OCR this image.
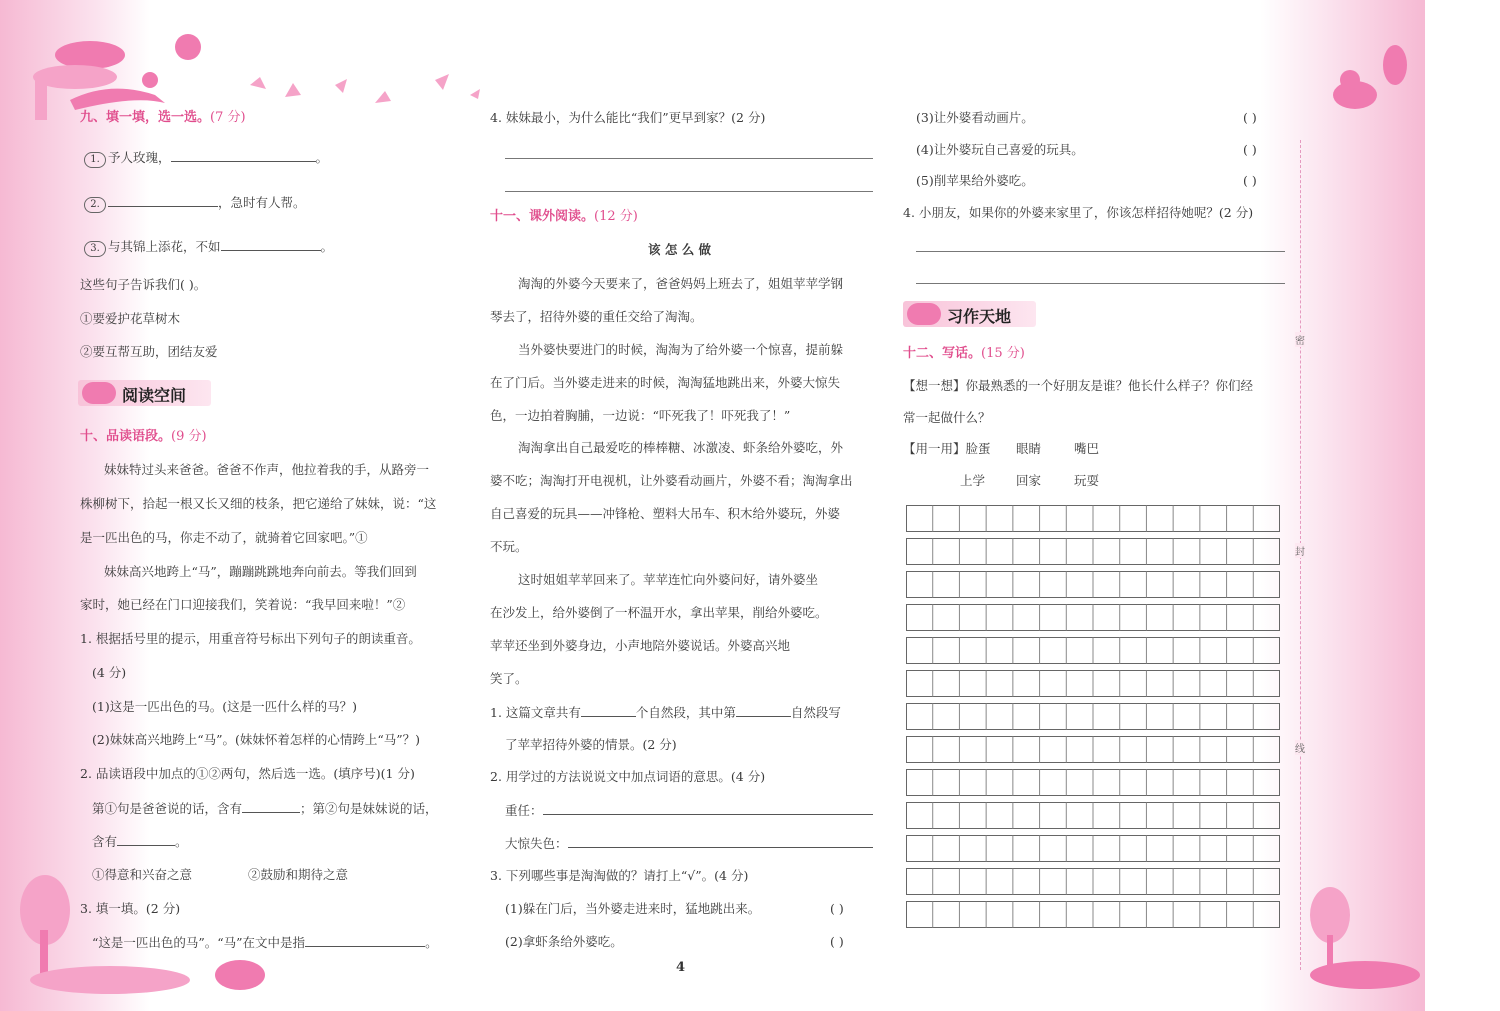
九、填一填，选一选。(7 分)
1. 予人玫瑰，	。
2.	，急时有人帮。
3. 与其锦上添花，不如	。
这些句子告诉我们( )。
①要爱护花草树木
②要互帮互助，团结友爱
阅读空间
十、品读语段。(9 分)
妹妹特过头来爸爸。爸爸不作声，他拉着我的手，从路旁一
株柳树下，拾起一根又长又细的枝条，把它递给了妹妹，说：“这
是一匹出色的马，你走不动了，就骑着它回家吧。”①
妹妹高兴地跨上“马”，蹦蹦跳跳地奔向前去。等我们回到
家时，她已经在门口迎接我们，笑着说：“我早回来啦！”②
1. 根据括号里的提示，用重音符号标出下列句子的朗读重音。
(4 分)
(1)这是一匹出色的马。(这是一匹什么样的马？)
(2)妹妹高兴地跨上“马”。(妹妹怀着怎样的心情跨上“马”？)
2. 品读语段中加点的①②两句，然后选一选。(填序号)(1 分)
第①句是爸爸说的话，含有	；第②句是妹妹说的话，
含有	。
①得意和兴奋之意	②鼓励和期待之意
3. 填一填。(2 分)
“这是一匹出色的马”。“马”在文中是指	。
4. 妹妹最小，为什么能比“我们”更早到家？(2 分)
十一、课外阅读。(12 分)
该 怎 么 做
淘淘的外婆今天要来了，爸爸妈妈上班去了，姐姐苹苹学钢
琴去了，招待外婆的重任交给了淘淘。
当外婆快要进门的时候，淘淘为了给外婆一个惊喜，提前躲
在了门后。当外婆走进来的时候，淘淘猛地跳出来，外婆大惊失
色，一边拍着胸脯，一边说：“吓死我了！吓死我了！”
淘淘拿出自己最爱吃的棒棒糖、冰激凌、虾条给外婆吃，外
婆不吃；淘淘打开电视机，让外婆看动画片，外婆不看；淘淘拿出
自己喜爱的玩具——冲锋枪、塑料大吊车、积木给外婆玩，外婆
不玩。
这时姐姐苹苹回来了。苹苹连忙向外婆问好，请外婆坐
在沙发上，给外婆倒了一杯温开水，拿出苹果，削给外婆吃。
苹苹还坐到外婆身边，小声地陪外婆说话。外婆高兴地
笑了。
1. 这篇文章共有	个自然段，其中第	自然段写
了苹苹招待外婆的情景。(2 分)
2. 用学过的方法说说文中加点词语的意思。(4 分)
重任：
大惊失色：
3. 下列哪些事是淘淘做的？请打上“√”。(4 分)
(1)躲在门后，当外婆走进来时，猛地跳出来。	( )
(2)拿虾条给外婆吃。	( )
4
(3)让外婆看动画片。	( )
(4)让外婆玩自己喜爱的玩具。	( )
(5)削苹果给外婆吃。	( )
4. 小朋友，如果你的外婆来家里了，你该怎样招待她呢？(2 分)
习作天地
十二、写话。(15 分)
【想一想】你最熟悉的一个好朋友是谁？他长什么样子？你们经
常一起做什么？
【用一用】脸蛋 眼睛	嘴巴
上学 回家	玩耍
密
封
线
